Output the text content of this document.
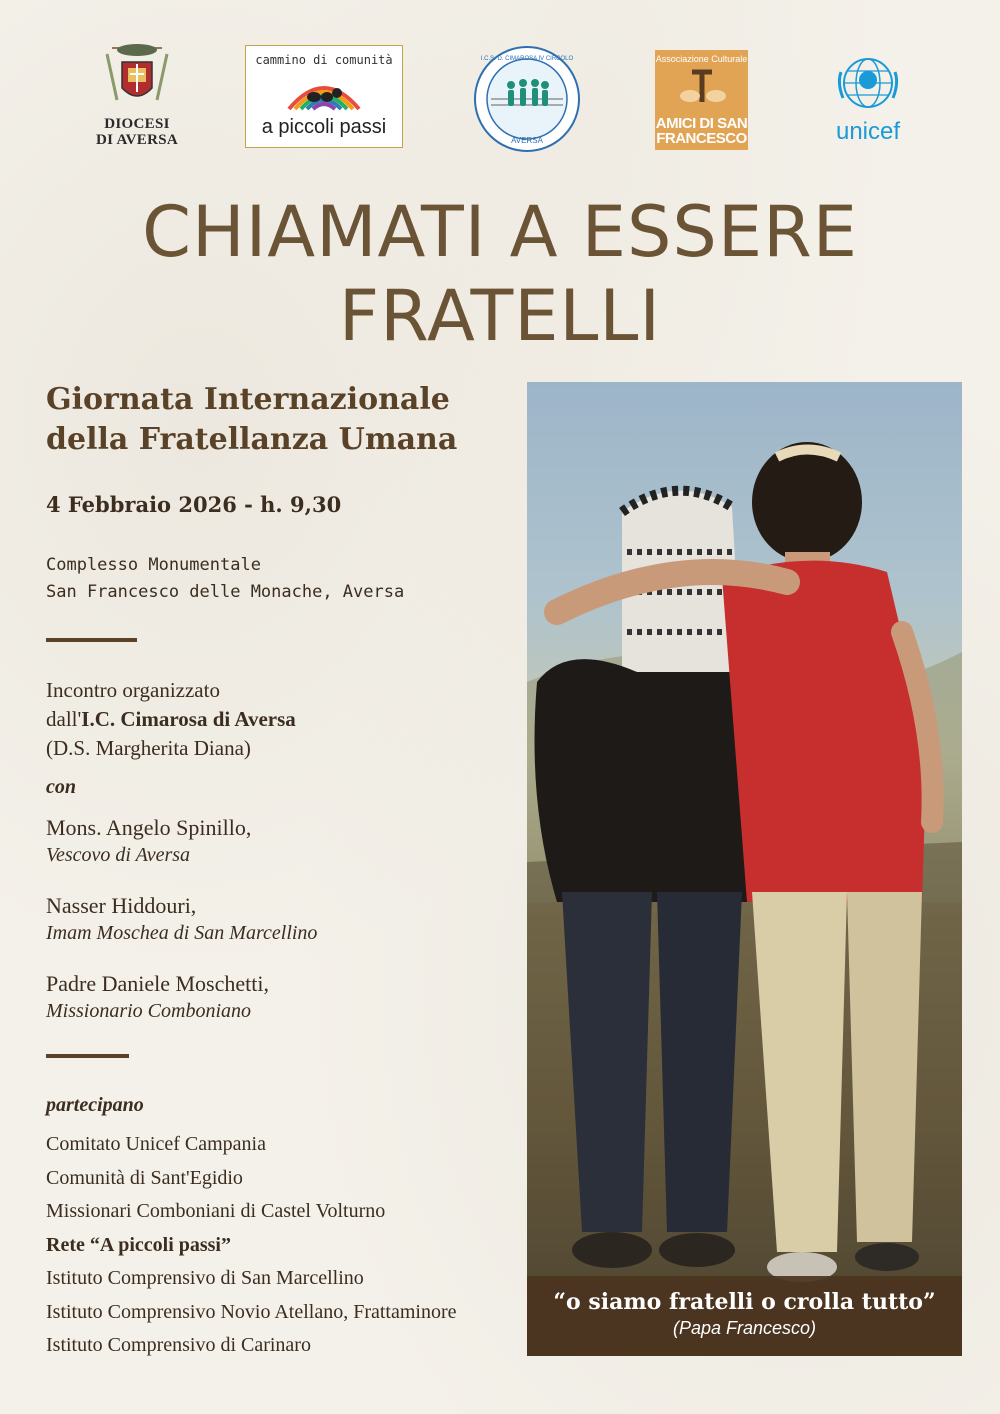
DIOCESI
DI AVERSA
cammino di comunità
a piccoli passi
AVERSA
I.C.S. D. CIMAROSA IV CIRCOLO	Associazione Culturale
AMICI DI SAN
FRANCESCO	unicef
CHIAMATI A ESSERE
FRATELLI
Giornata Internazionale
della Fratellanza Umana
4 Febbraio 2026 - h. 9,30
Complesso Monumentale
San Francesco delle Monache, Aversa
Incontro organizzato
dall'I.C. Cimarosa di Aversa
(D.S. Margherita Diana)
con
Mons. Angelo Spinillo,
Vescovo di Aversa
Nasser Hiddouri,
Imam Moschea di San Marcellino
Padre Daniele Moschetti,
Missionario Comboniano
partecipano
Comitato Unicef Campania
Comunità di Sant'Egidio
Missionari Comboniani di Castel Volturno
Rete “A piccoli passi”
Istituto Comprensivo di San Marcellino
Istituto Comprensivo Novio Atellano, Frattaminore
Istituto Comprensivo di Carinaro
“o siamo fratelli o crolla tutto”
(Papa Francesco)
